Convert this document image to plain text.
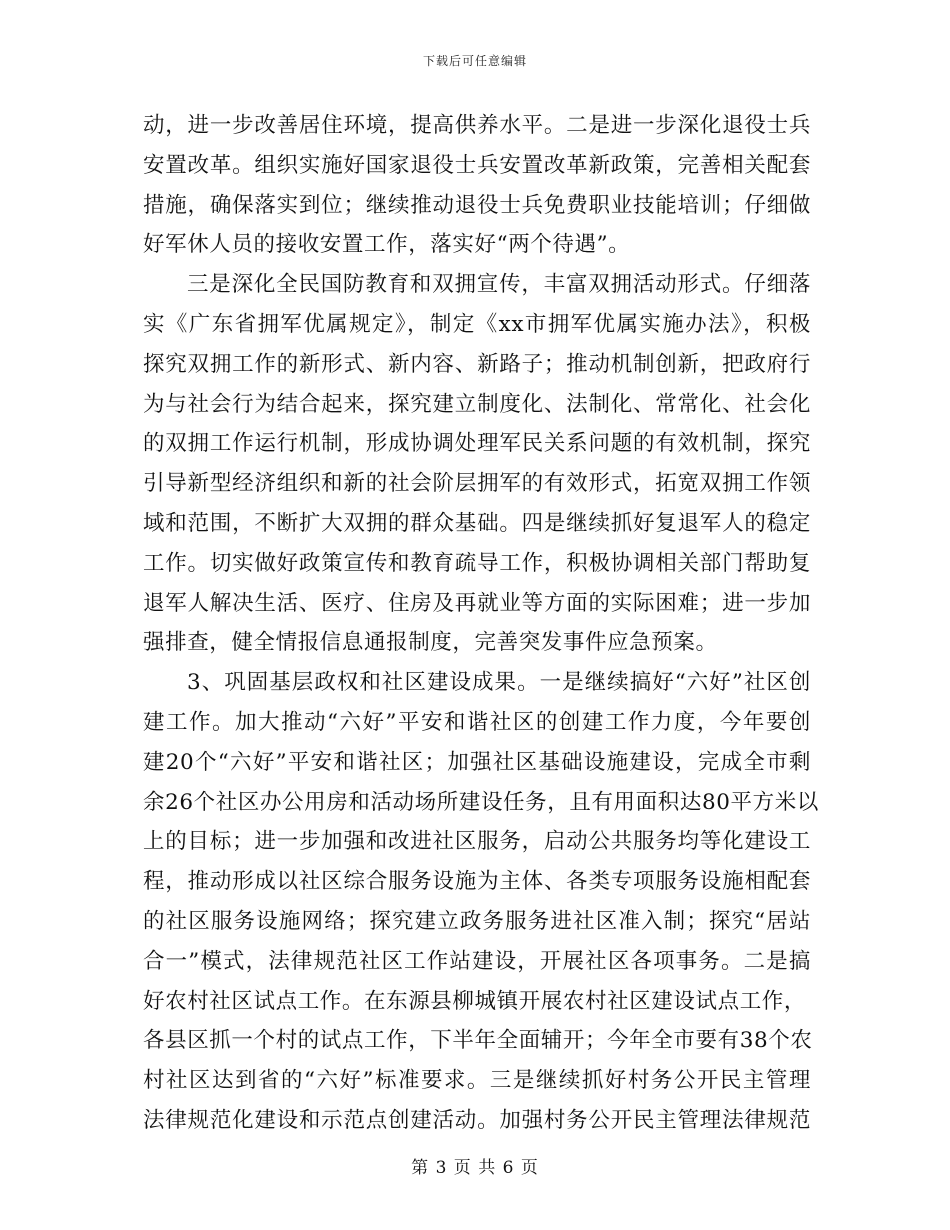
下载后可任意编辑
动，进一步改善居住环境，提高供养水平。二是进一步深化退役士兵
安置改革。组织实施好国家退役士兵安置改革新政策，完善相关配套
措施，确保落实到位；继续推动退役士兵免费职业技能培训；仔细做
好军休人员的接收安置工作，落实好“两个待遇”。
三是深化全民国防教育和双拥宣传，丰富双拥活动形式。仔细落
实《广东省拥军优属规定》，制定《xx市拥军优属实施办法》，积极
探究双拥工作的新形式、新内容、新路子；推动机制创新，把政府行
为与社会行为结合起来，探究建立制度化、法制化、常常化、社会化
的双拥工作运行机制，形成协调处理军民关系问题的有效机制，探究
引导新型经济组织和新的社会阶层拥军的有效形式，拓宽双拥工作领
域和范围，不断扩大双拥的群众基础。四是继续抓好复退军人的稳定
工作。切实做好政策宣传和教育疏导工作，积极协调相关部门帮助复
退军人解决生活、医疗、住房及再就业等方面的实际困难；进一步加
强排查，健全情报信息通报制度，完善突发事件应急预案。
3、巩固基层政权和社区建设成果。一是继续搞好“六好”社区创
建工作。加大推动“六好”平安和谐社区的创建工作力度，今年要创
建20个“六好”平安和谐社区；加强社区基础设施建设，完成全市剩
余26个社区办公用房和活动场所建设任务，且有用面积达80平方米以
上的目标；进一步加强和改进社区服务，启动公共服务均等化建设工
程，推动形成以社区综合服务设施为主体、各类专项服务设施相配套
的社区服务设施网络；探究建立政务服务进社区准入制；探究“居站
合一”模式，法律规范社区工作站建设，开展社区各项事务。二是搞
好农村社区试点工作。在东源县柳城镇开展农村社区建设试点工作，
各县区抓一个村的试点工作，下半年全面辅开；今年全市要有38个农
村社区达到省的“六好”标准要求。三是继续抓好村务公开民主管理
法律规范化建设和示范点创建活动。加强村务公开民主管理法律规范
第 3 页 共 6 页
